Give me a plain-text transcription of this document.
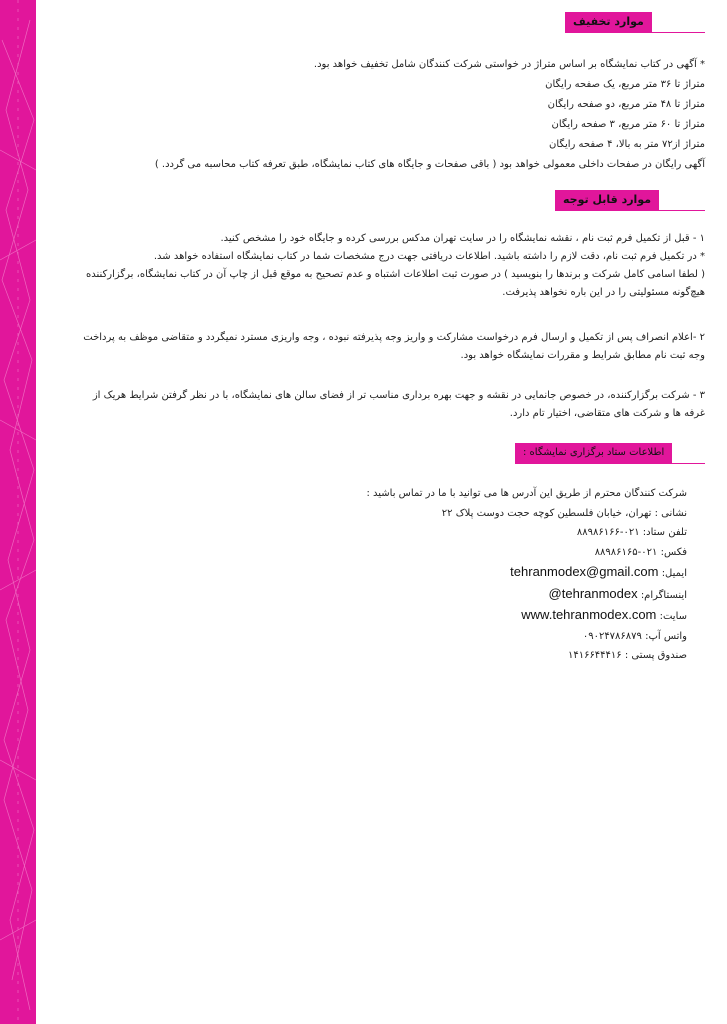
موارد تخفیف
* آگهی در کتاب نمایشگاه بر اساس متراژ در خواستی شرکت کنندگان شامل تخفیف خواهد بود.
متراژ تا ۳۶ متر مربع، یک صفحه رایگان
متراژ تا ۴۸ متر مربع، دو صفحه رایگان
متراژ تا ۶۰ متر مربع، ۳ صفحه رایگان
متراژ از۷۲ متر به بالا، ۴ صفحه رایگان
آگهی رایگان در صفحات داخلی معمولی خواهد بود ( باقی صفحات و جایگاه های کتاب نمایشگاه، طبق تعرفه کتاب محاسبه می گردد. )
موارد قابل توجه
۱ - قبل از تکمیل فرم ثبت نام ، نقشه نمایشگاه را در سایت تهران مدکس بررسی کرده و جایگاه خود را مشخص کنید.
* در تکمیل فرم ثبت نام، دقت لازم را داشته باشید. اطلاعات دریافتی جهت درج مشخصات شما در کتاب نمایشگاه استفاده خواهد شد.
( لطفا اسامی کامل شرکت و برندها را بنویسید ) در صورت ثبت اطلاعات اشتباه و عدم تصحیح به موقع قبل از چاپ آن در کتاب نمایشگاه، برگزارکننده
هیچ‌گونه مسئولیتی را در این باره نخواهد پذیرفت.
۲ -اعلام انصراف پس از تکمیل و ارسال فرم درخواست مشارکت و واریز وجه پذیرفته نبوده ، وجه واریزی مسترد نمیگردد و متقاضی موظف به پرداخت
وجه ثبت نام مطابق شرایط و مقررات نمایشگاه خواهد بود.
۳ - شرکت برگزارکننده، در خصوص جانمایی در نقشه و جهت بهره برداری مناسب تر از فضای سالن های نمایشگاه، با در نظر گرفتن شرایط هریک از
غرفه ها و شرکت های متقاضی، اختیار تام دارد.
اطلاعات ستاد برگزاری نمایشگاه :
شرکت کنندگان محترم از طریق این آدرس ها می توانید با ما در تماس باشید :
نشانی : تهران، خیابان فلسطین کوچه حجت دوست پلاک ۲۲
تلفن ستاد: ۰۲۱-۸۸۹۸۶۱۶۶
فکس: ۰۲۱-۸۸۹۸۶۱۶۵
ایمیل: tehranmodex@gmail.com
اینستاگرام: @tehranmodex
سایت: www.tehranmodex.com
واتس آپ: ۰۹۰۲۴۷۸۶۸۷۹
صندوق پستی : ۱۴۱۶۶۴۴۴۱۶
